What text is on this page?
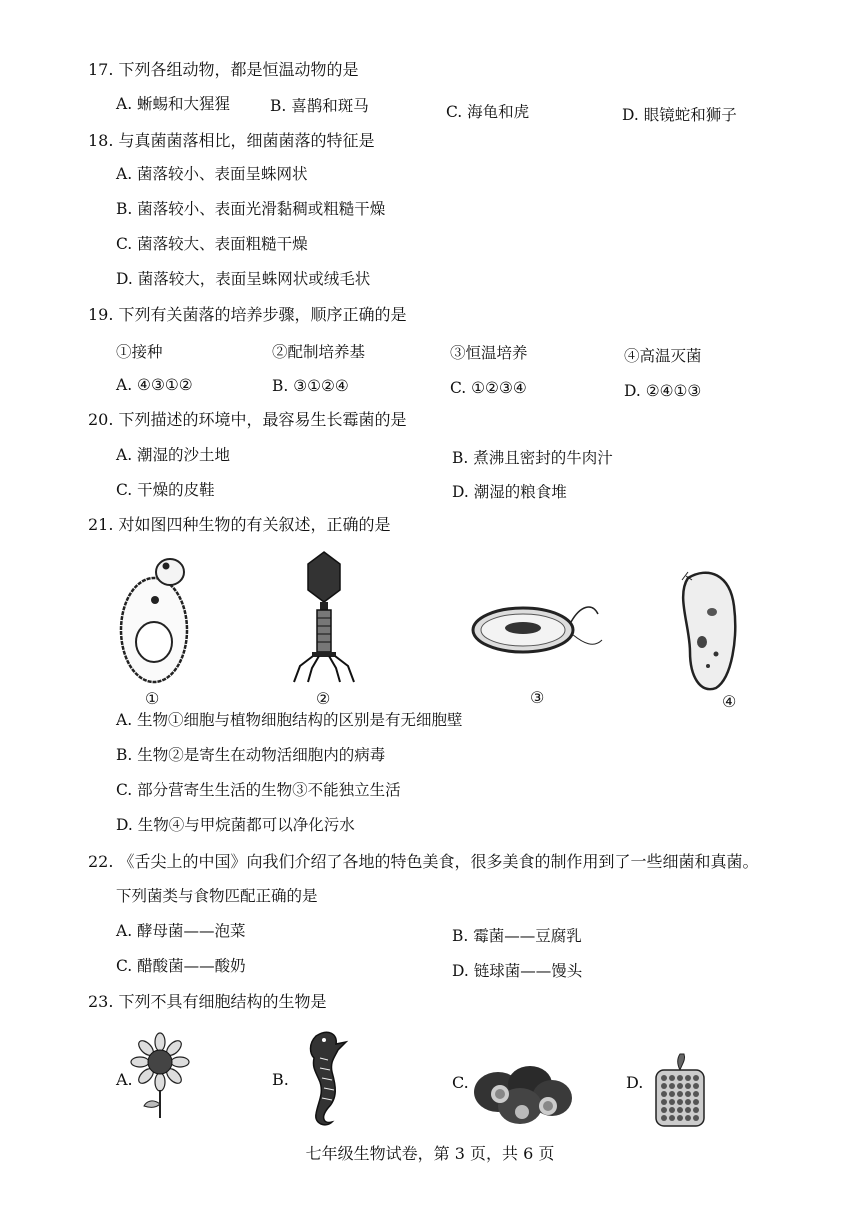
17. 下列各组动物，都是恒温动物的是
A. 蜥蜴和大猩猩	B. 喜鹊和斑马	C. 海龟和虎	D. 眼镜蛇和狮子
18. 与真菌菌落相比，细菌菌落的特征是
A. 菌落较小、表面呈蛛网状
B. 菌落较小、表面光滑黏稠或粗糙干燥
C. 菌落较大、表面粗糙干燥
D. 菌落较大，表面呈蛛网状或绒毛状
19. 下列有关菌落的培养步骤，顺序正确的是
①接种	②配制培养基	③恒温培养	④高温灭菌
A. ④③①②	B. ③①②④	C. ①②③④	D. ②④①③
20. 下列描述的环境中，最容易生长霉菌的是
A. 潮湿的沙土地	B. 煮沸且密封的牛肉汁
C. 干燥的皮鞋	D. 潮湿的粮食堆
21. 对如图四种生物的有关叙述，正确的是
①	②	③	④
A. 生物①细胞与植物细胞结构的区别是有无细胞壁
B. 生物②是寄生在动物活细胞内的病毒
C. 部分营寄生生活的生物③不能独立生活
D. 生物④与甲烷菌都可以净化污水
22. 《舌尖上的中国》向我们介绍了各地的特色美食，很多美食的制作用到了一些细菌和真菌。
下列菌类与食物匹配正确的是
A. 酵母菌——泡菜	B. 霉菌——豆腐乳
C. 醋酸菌——酸奶	D. 链球菌——馒头
23. 下列不具有细胞结构的生物是
A.	B.	C.	D.
七年级生物试卷，第 3 页，共 6 页
